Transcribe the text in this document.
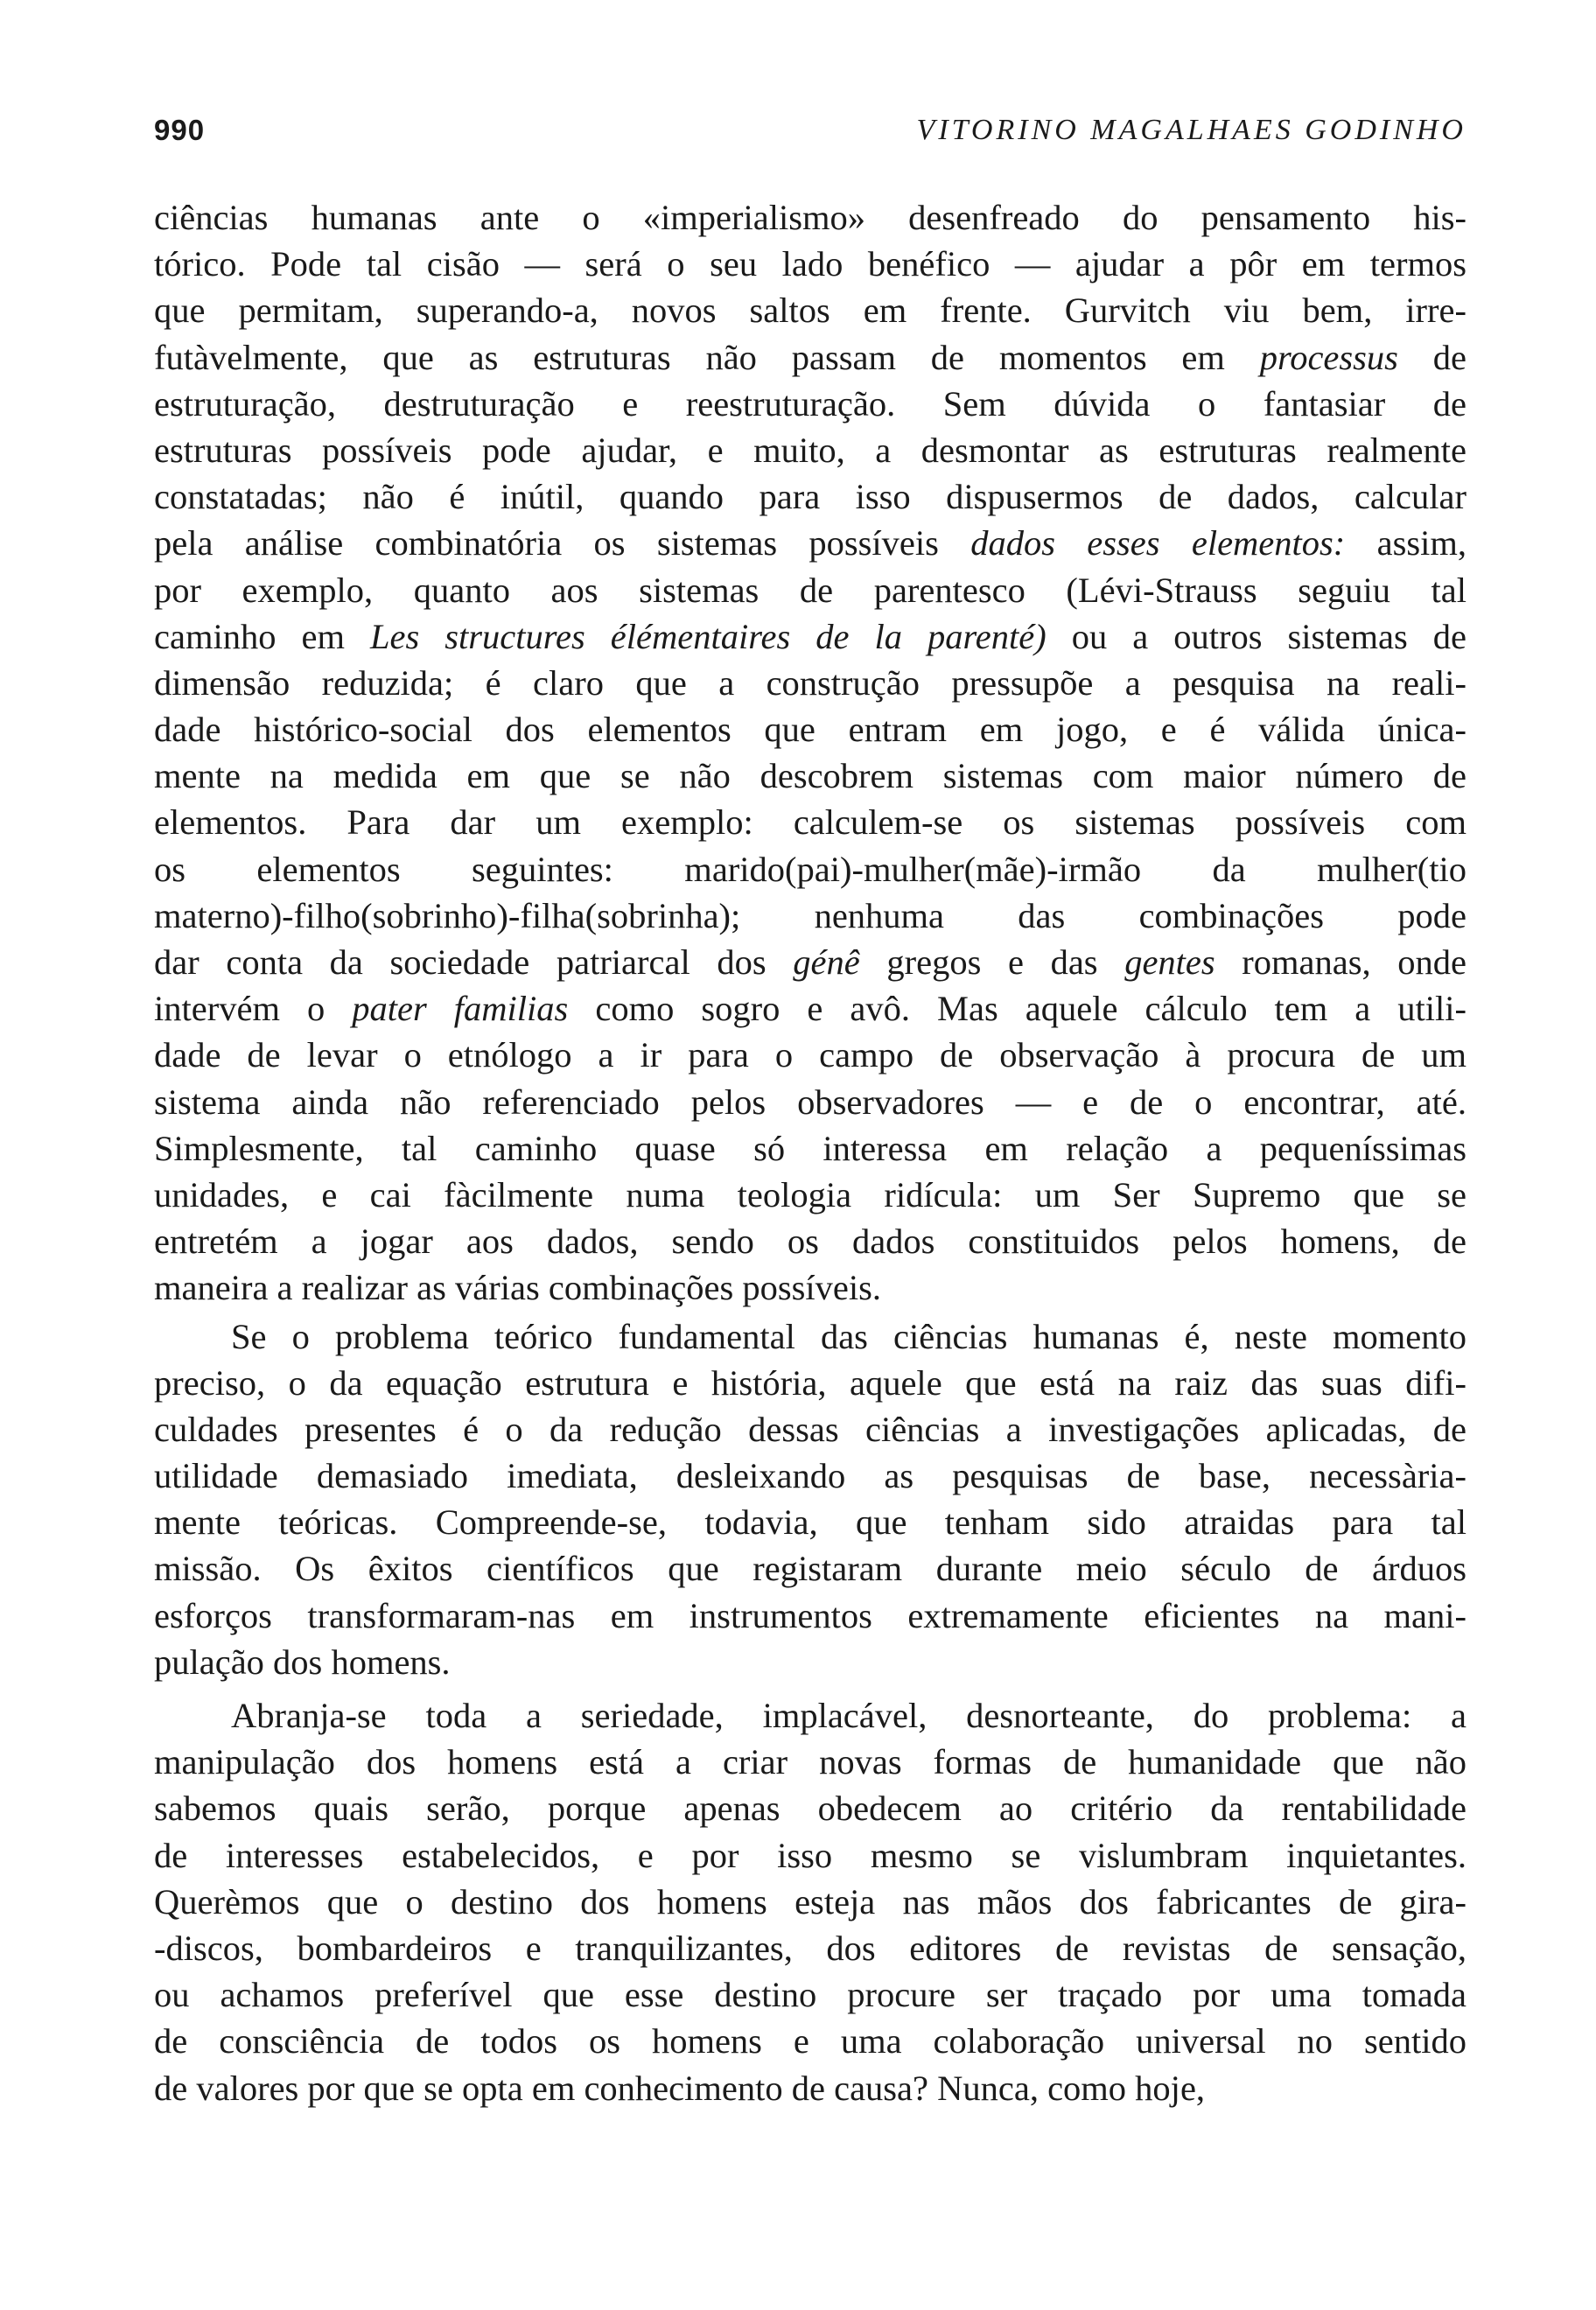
990	VITORINO MAGALHAES GODINHO
ciências humanas ante o «imperialismo» desenfreado do pensamento his-
tórico. Pode tal cisão — será o seu lado benéfico — ajudar a pôr em termos
que permitam, superando-a, novos saltos em frente. Gurvitch viu bem, irre-
futàvelmente, que as estruturas não passam de momentos em processus de
estruturação, destruturação e reestruturação. Sem dúvida o fantasiar de
estruturas possíveis pode ajudar, e muito, a desmontar as estruturas realmente
constatadas; não é inútil, quando para isso dispusermos de dados, calcular
pela análise combinatória os sistemas possíveis dados esses elementos: assim,
por exemplo, quanto aos sistemas de parentesco (Lévi-Strauss seguiu tal
caminho em Les structures élémentaires de la parenté) ou a outros sistemas de
dimensão reduzida; é claro que a construção pressupõe a pesquisa na reali-
dade histórico-social dos elementos que entram em jogo, e é válida única-
mente na medida em que se não descobrem sistemas com maior número de
elementos. Para dar um exemplo: calculem-se os sistemas possíveis com
os elementos seguintes: marido(pai)-mulher(mãe)-irmão da mulher(tio
materno)-filho(sobrinho)-filha(sobrinha); nenhuma das combinações pode
dar conta da sociedade patriarcal dos génê gregos e das gentes romanas, onde
intervém o pater familias como sogro e avô. Mas aquele cálculo tem a utili-
dade de levar o etnólogo a ir para o campo de observação à procura de um
sistema ainda não referenciado pelos observadores — e de o encontrar, até.
Simplesmente, tal caminho quase só interessa em relação a pequeníssimas
unidades, e cai fàcilmente numa teologia ridícula: um Ser Supremo que se
entretém a jogar aos dados, sendo os dados constituidos pelos homens, de
maneira a realizar as várias combinações possíveis.
Se o problema teórico fundamental das ciências humanas é, neste momento
preciso, o da equação estrutura e história, aquele que está na raiz das suas difi-
culdades presentes é o da redução dessas ciências a investigações aplicadas, de
utilidade demasiado imediata, desleixando as pesquisas de base, necessària-
mente teóricas. Compreende-se, todavia, que tenham sido atraidas para tal
missão. Os êxitos científicos que registaram durante meio século de árduos
esforços transformaram-nas em instrumentos extremamente eficientes na mani-
pulação dos homens.
Abranja-se toda a seriedade, implacável, desnorteante, do problema: a
manipulação dos homens está a criar novas formas de humanidade que não
sabemos quais serão, porque apenas obedecem ao critério da rentabilidade
de interesses estabelecidos, e por isso mesmo se vislumbram inquietantes.
Querèmos que o destino dos homens esteja nas mãos dos fabricantes de gira-
-discos, bombardeiros e tranquilizantes, dos editores de revistas de sensação,
ou achamos preferível que esse destino procure ser traçado por uma tomada
de consciência de todos os homens e uma colaboração universal no sentido
de valores por que se opta em conhecimento de causa? Nunca, como hoje,
